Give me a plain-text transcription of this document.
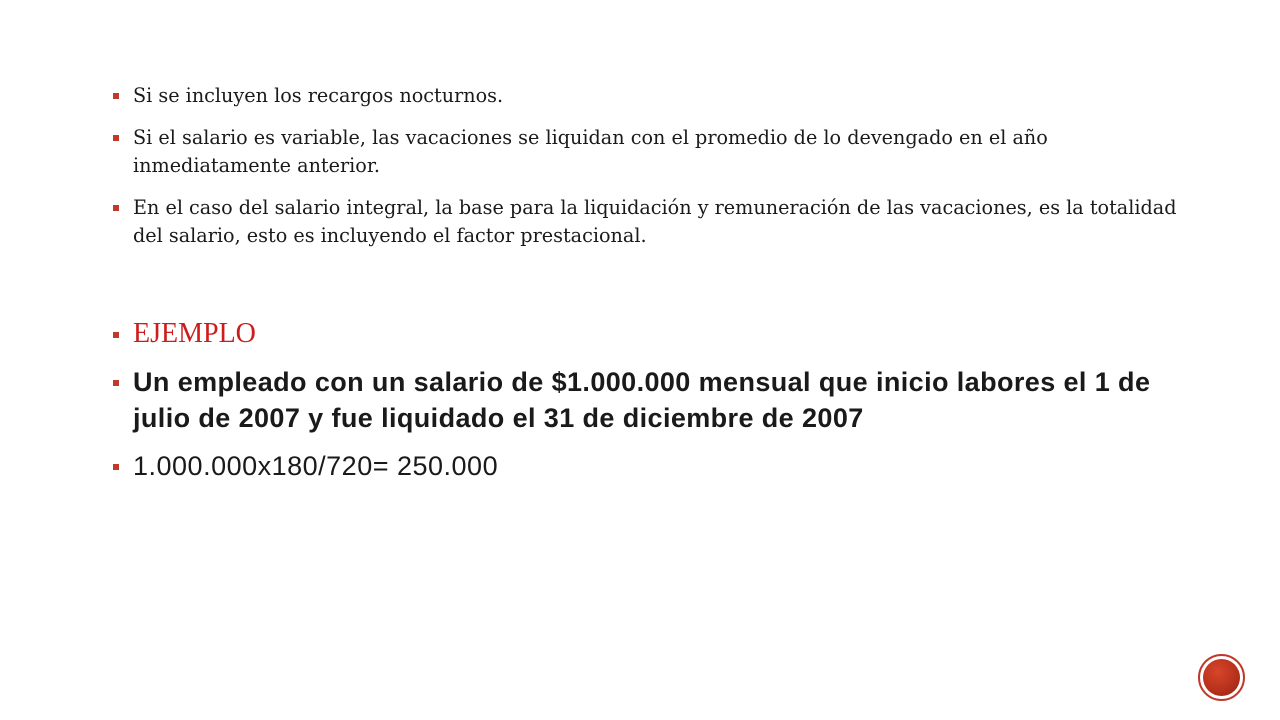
Si se incluyen los recargos nocturnos.
Si el salario es variable, las vacaciones se liquidan con el promedio de lo devengado en el año inmediatamente anterior.
En el caso del salario integral, la base para la liquidación y remuneración de las vacaciones, es la totalidad del salario, esto es incluyendo el factor prestacional.
EJEMPLO
Un empleado con un salario de $1.000.000 mensual que inicio labores el 1 de julio de 2007 y fue liquidado el 31 de diciembre de 2007
1.000.000x180/720= 250.000
